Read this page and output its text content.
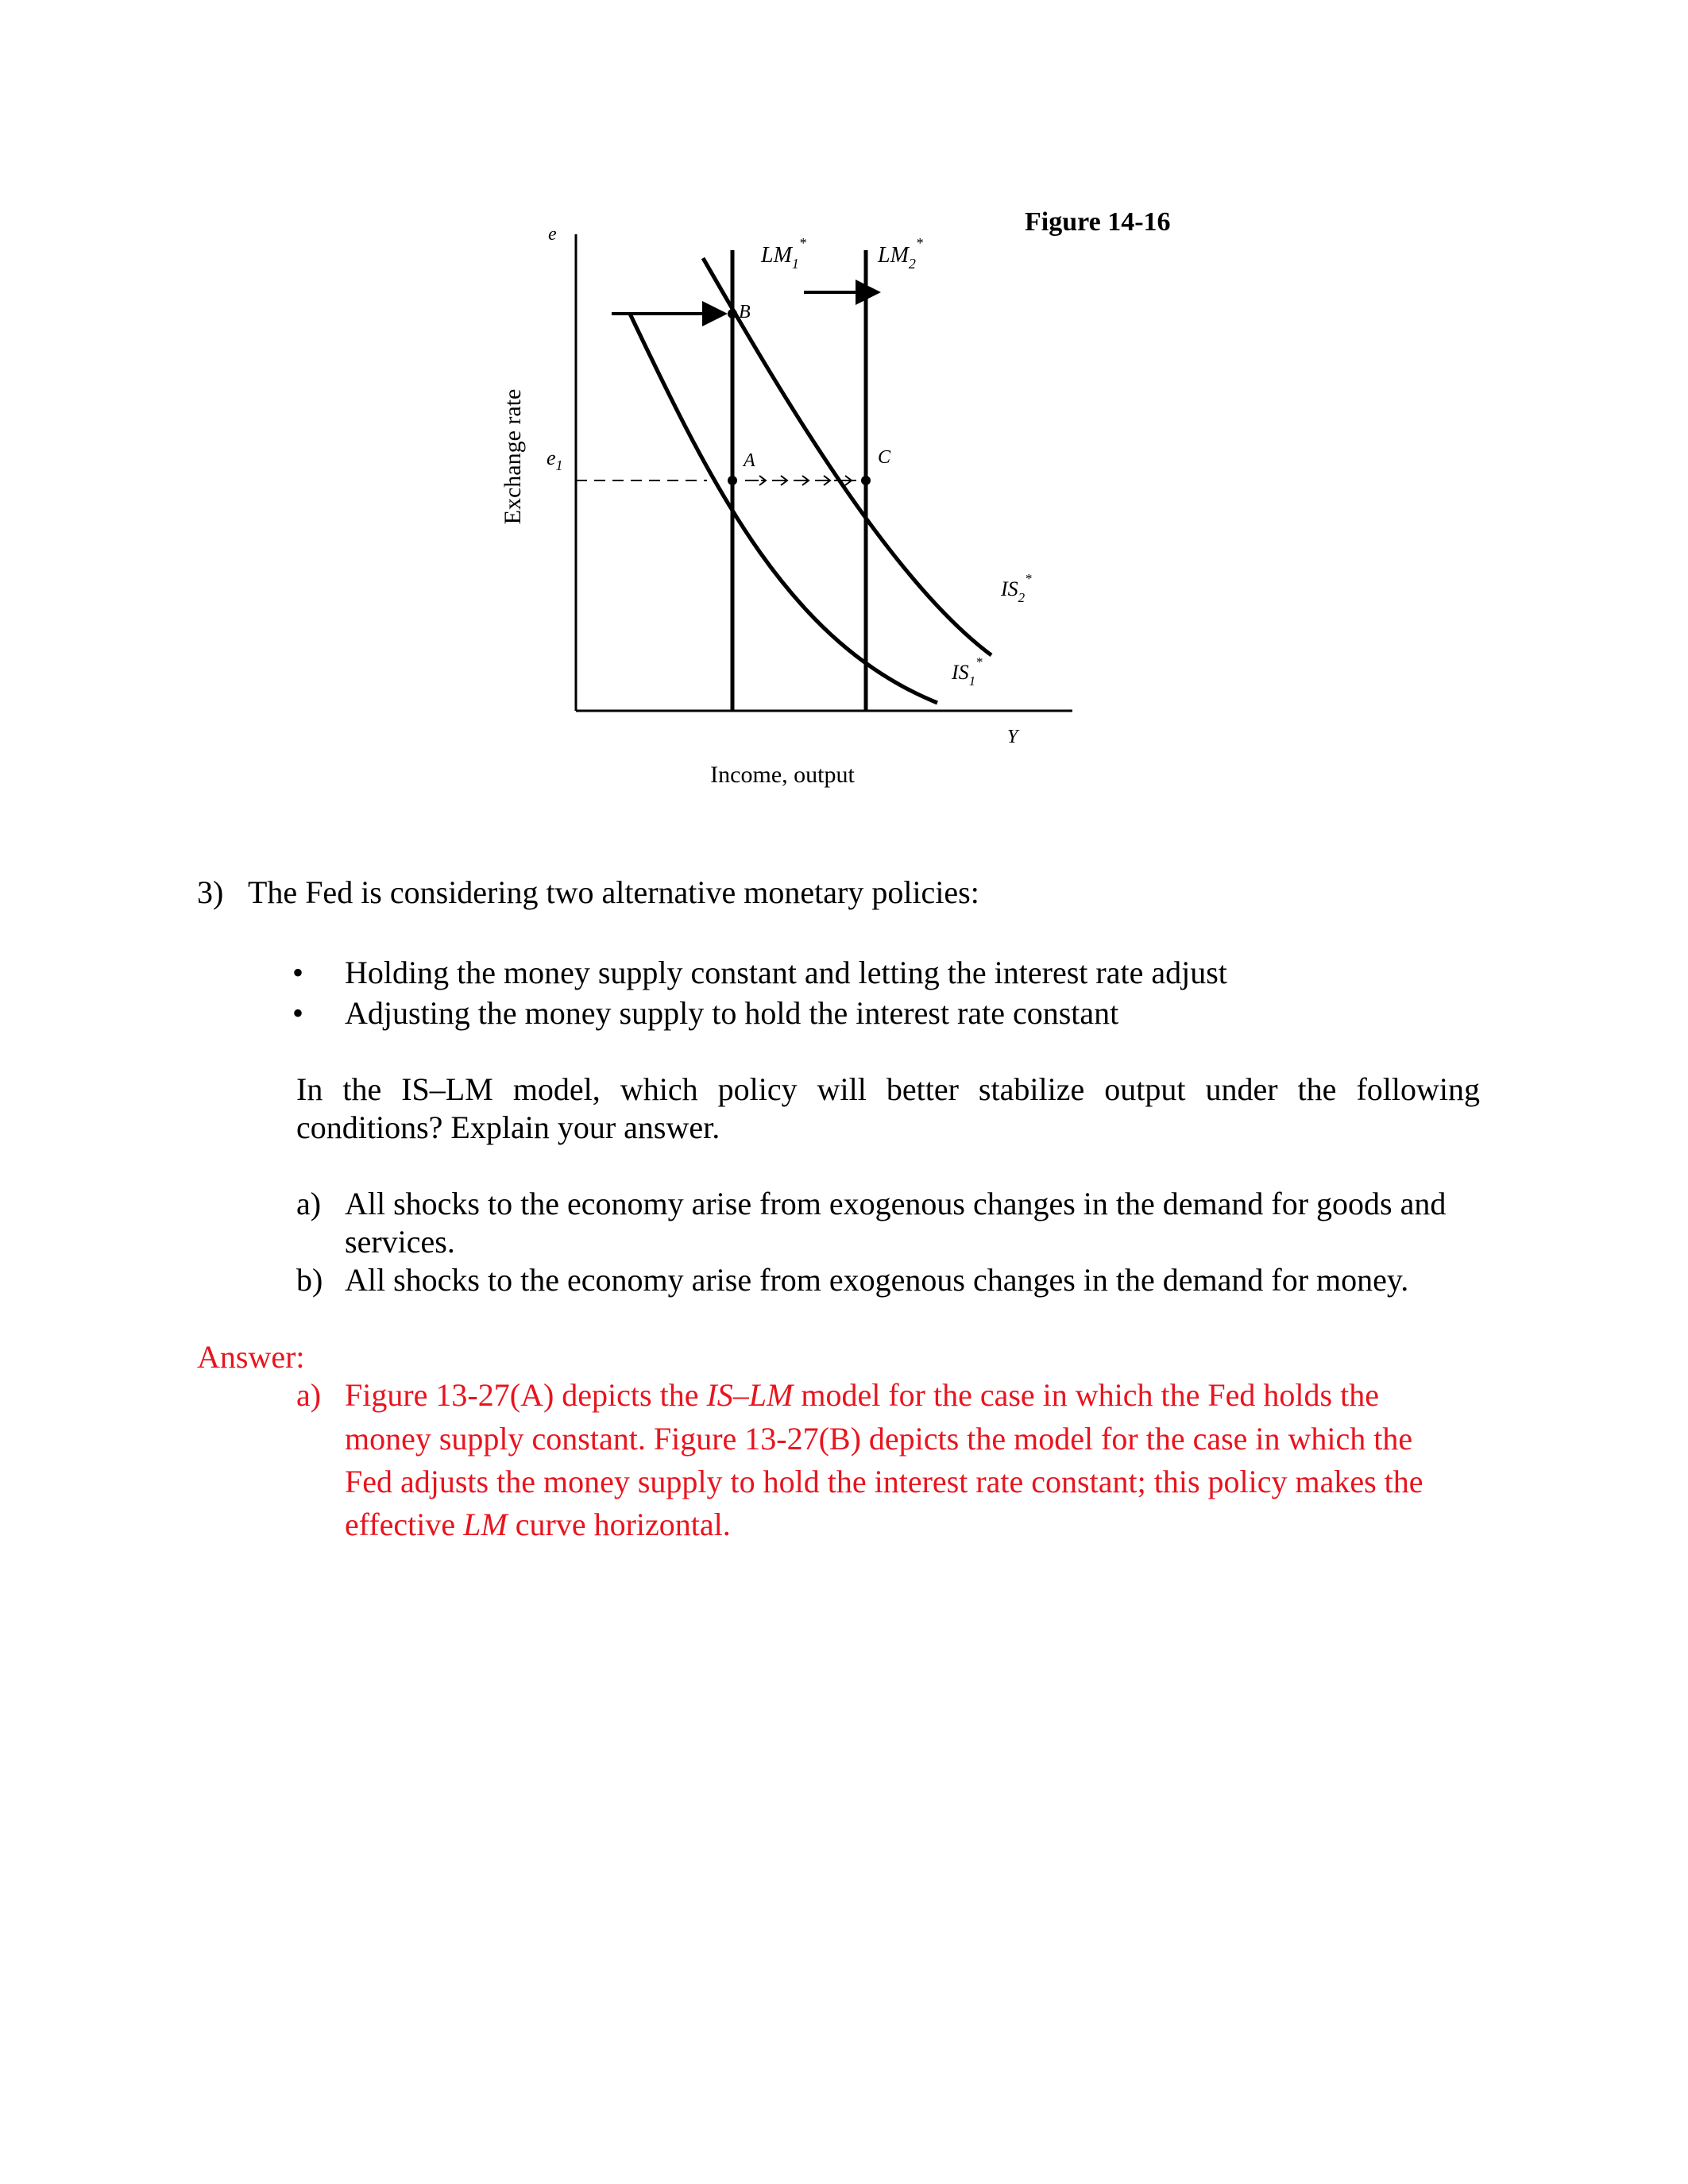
Figure 14-16
e
Exchange rate
Y
Income, output
$e_1$
$LM_1^*$	$LM_2^*$
$IS_1^*$
$IS_2^*$
B
A	C
3) The Fed is considering two alternative monetary policies:
• Holding the money supply constant and letting the interest rate adjust
• Adjusting the money supply to hold the interest rate constant
In the IS–LM model, which policy will better stabilize output under the following
conditions? Explain your answer.
a) All shocks to the economy arise from exogenous changes in the demand for goods and
services.
b) All shocks to the economy arise from exogenous changes in the demand for money.
Answer:
a) Figure 13-27(A) depicts the IS–LM model for the case in which the Fed holds the
money supply constant. Figure 13-27(B) depicts the model for the case in which the
Fed adjusts the money supply to hold the interest rate constant; this policy makes the
effective LM curve horizontal.
